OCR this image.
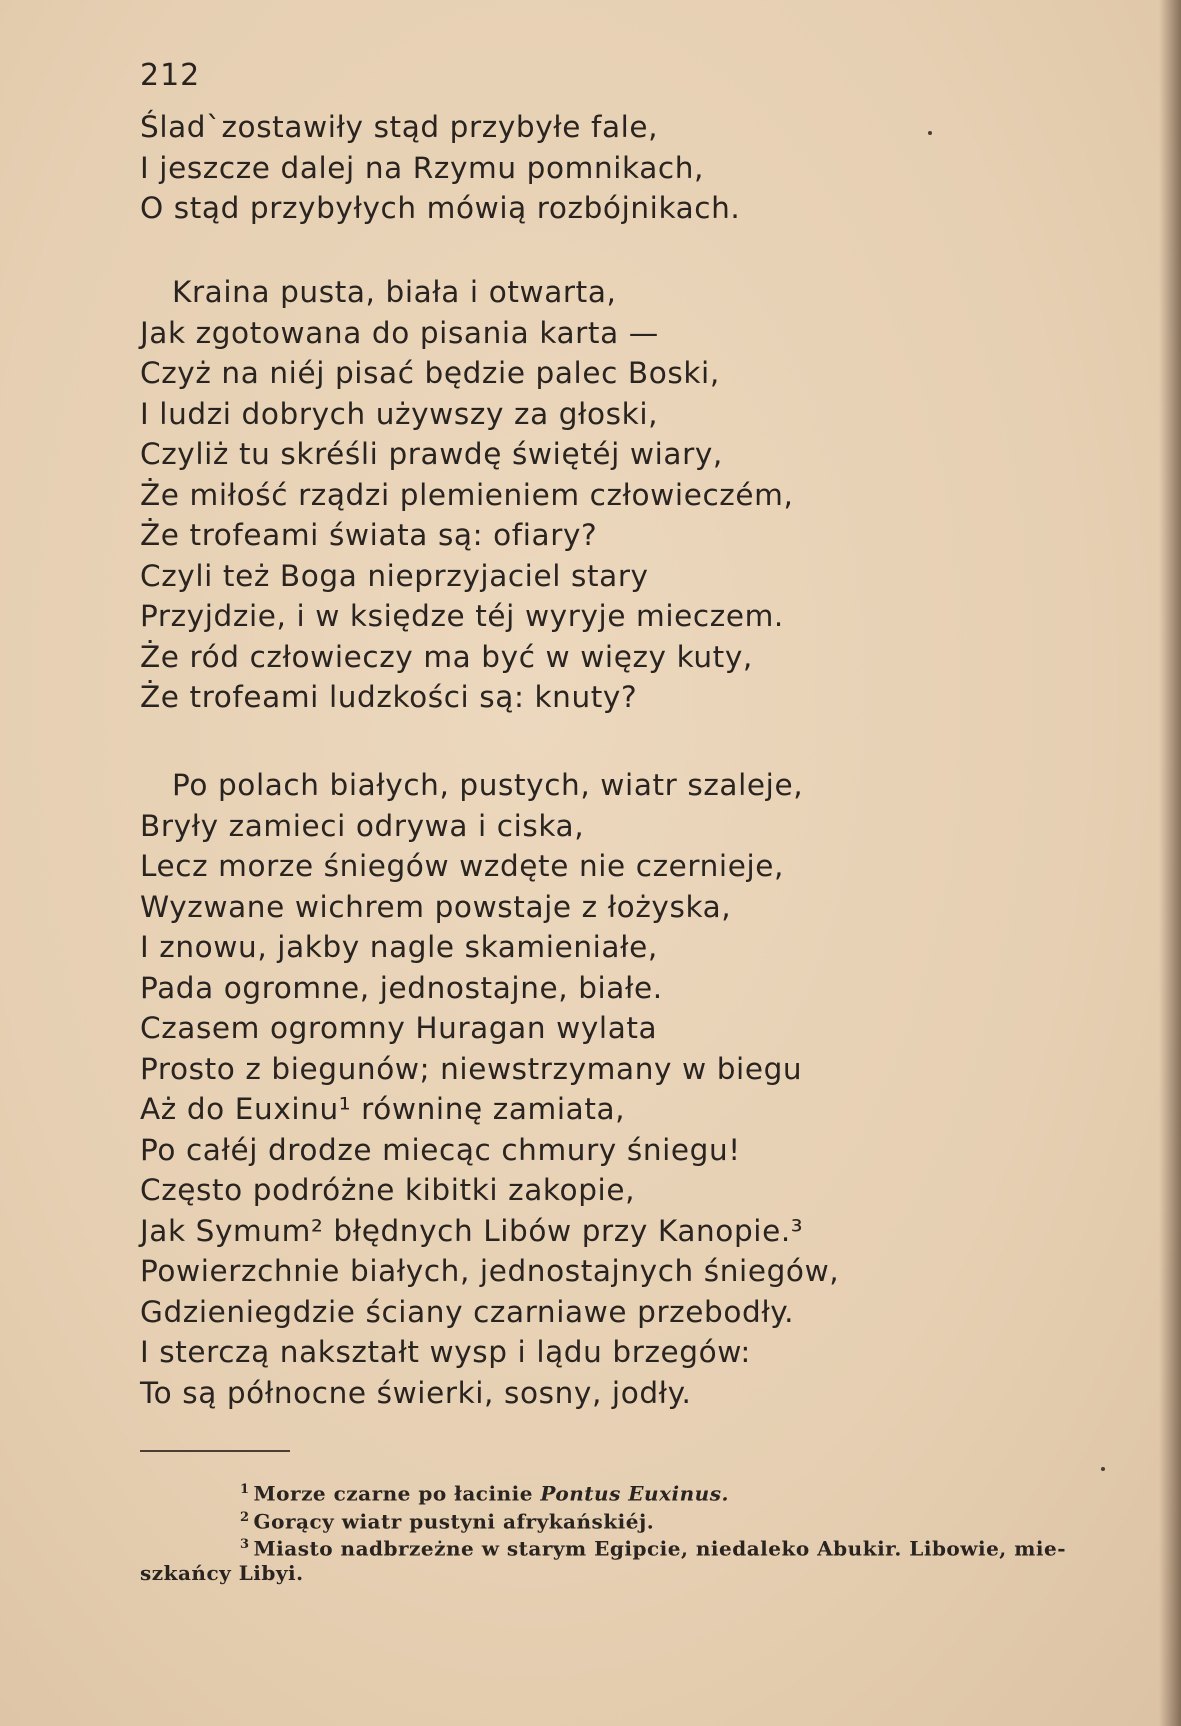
212
Ślad`zostawiły stąd przybyłe fale,
I jeszcze dalej na Rzymu pomnikach,
O stąd przybyłych mówią rozbójnikach.
Kraina pusta, biała i otwarta,
Jak zgotowana do pisania karta —
Czyż na niéj pisać będzie palec Boski,
I ludzi dobrych używszy za głoski,
Czyliż tu skréśli prawdę świętéj wiary,
Że miłość rządzi plemieniem człowieczém,
Że trofeami świata są: ofiary?
Czyli też Boga nieprzyjaciel stary
Przyjdzie, i w księdze téj wyryje mieczem.
Że ród człowieczy ma być w więzy kuty,
Że trofeami ludzkości są: knuty?
Po polach białych, pustych, wiatr szaleje,
Bryły zamieci odrywa i ciska,
Lecz morze śniegów wzdęte nie czernieje,
Wyzwane wichrem powstaje z łożyska,
I znowu, jakby nagle skamieniałe,
Pada ogromne, jednostajne, białe.
Czasem ogromny Huragan wylata
Prosto z biegunów; niewstrzymany w biegu
Aż do Euxinu¹ równinę zamiata,
Po całéj drodze miecąc chmury śniegu!
Często podróżne kibitki zakopie,
Jak Symum² błędnych Libów przy Kanopie.³
Powierzchnie białych, jednostajnych śniegów,
Gdzieniegdzie ściany czarniawe przebodły.
I sterczą nakształt wysp i lądu brzegów:
To są północne świerki, sosny, jodły.
$^1$ Morze czarne po łacinie Pontus Euxinus.
$^2$ Gorący wiatr pustyni afrykańskiéj.
$^3$ Miasto nadbrzeżne w starym Egipcie, niedaleko Abukir. Libowie, mie-
szkańcy Libyi.
